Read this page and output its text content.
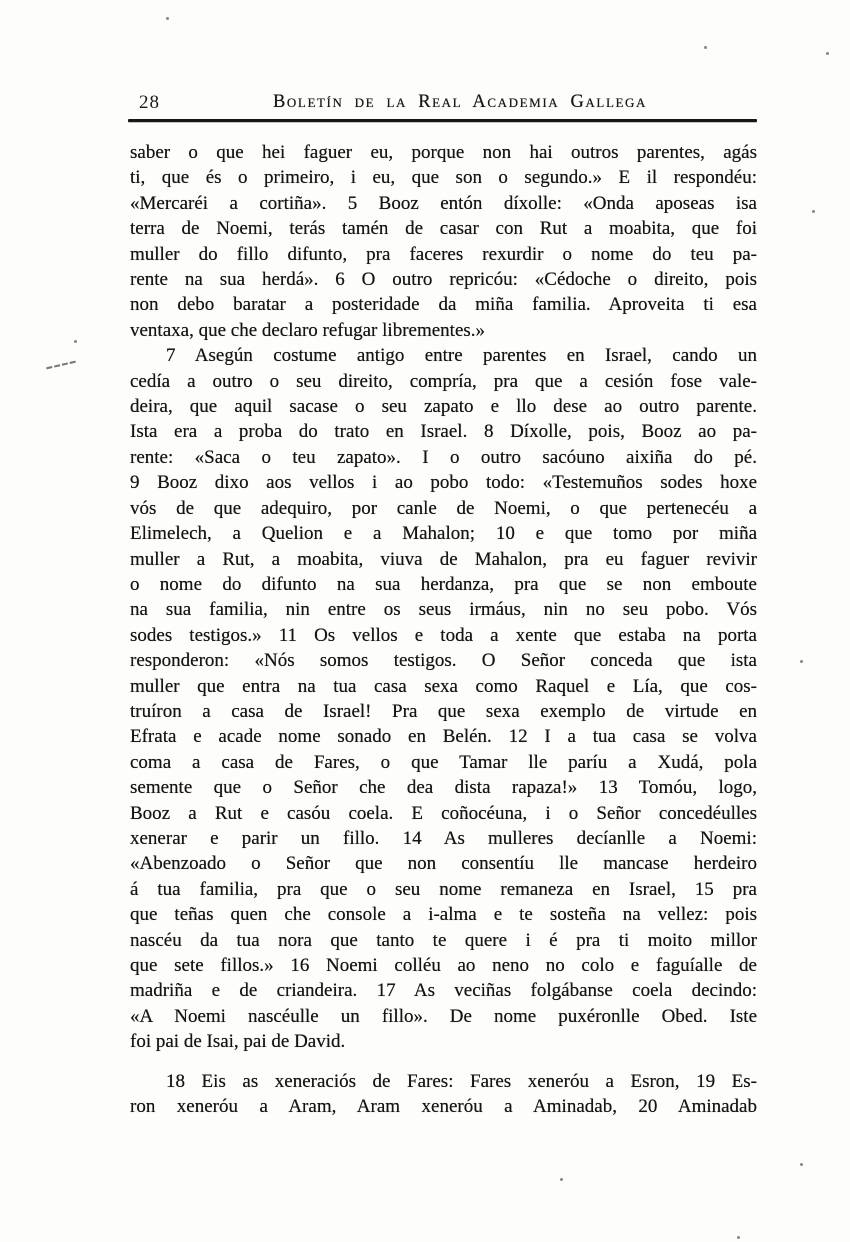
28	Boletín de la Real Academia Gallega
saber o que hei faguer eu, porque non hai outros parentes, agás
ti, que és o primeiro, i eu, que son o segundo.» E il respondéu:
«Mercaréi a cortiña». 5 Booz entón díxolle: «Onda aposeas isa
terra de Noemi, terás tamén de casar con Rut a moabita, que foi
muller do fillo difunto, pra faceres rexurdir o nome do teu pa-
rente na sua herdá». 6 O outro repricóu: «Cédoche o direito, pois
non debo baratar a posteridade da miña familia. Aproveita ti esa
ventaxa, que che declaro refugar librementes.»
7 Asegún costume antigo entre parentes en Israel, cando un
cedía a outro o seu direito, compría, pra que a cesión fose vale-
deira, que aquil sacase o seu zapato e llo dese ao outro parente.
Ista era a proba do trato en Israel. 8 Díxolle, pois, Booz ao pa-
rente: «Saca o teu zapato». I o outro sacóuno aixiña do pé.
9 Booz dixo aos vellos i ao pobo todo: «Testemuños sodes hoxe
vós de que adequiro, por canle de Noemi, o que pertenecéu a
Elimelech, a Quelion e a Mahalon; 10 e que tomo por miña
muller a Rut, a moabita, viuva de Mahalon, pra eu faguer revivir
o nome do difunto na sua herdanza, pra que se non emboute
na sua familia, nin entre os seus irmáus, nin no seu pobo. Vós
sodes testigos.» 11 Os vellos e toda a xente que estaba na porta
responderon: «Nós somos testigos. O Señor conceda que ista
muller que entra na tua casa sexa como Raquel e Lía, que cos-
truíron a casa de Israel! Pra que sexa exemplo de virtude en
Efrata e acade nome sonado en Belén. 12 I a tua casa se volva
coma a casa de Fares, o que Tamar lle paríu a Xudá, pola
semente que o Señor che dea dista rapaza!» 13 Tomóu, logo,
Booz a Rut e casóu coela. E coñocéuna, i o Señor concedéulles
xenerar e parir un fillo. 14 As mulleres decíanlle a Noemi:
«Abenzoado o Señor que non consentíu lle mancase herdeiro
á tua familia, pra que o seu nome remaneza en Israel, 15 pra
que teñas quen che console a i-alma e te sosteña na vellez: pois
nascéu da tua nora que tanto te quere i é pra ti moito millor
que sete fillos.» 16 Noemi colléu ao neno no colo e faguíalle de
madriña e de criandeira. 17 As veciñas folgábanse coela decindo:
«A Noemi nascéulle un fillo». De nome puxéronlle Obed. Iste
foi pai de Isai, pai de David.
18 Eis as xeneraciós de Fares: Fares xeneróu a Esron, 19 Es-
ron xeneróu a Aram, Aram xeneróu a Aminadab, 20 Aminadab
